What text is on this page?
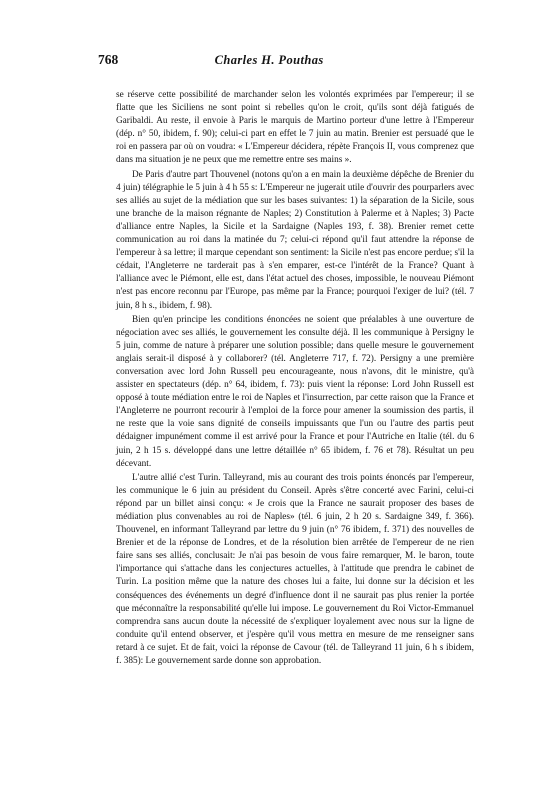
768	Charles H. Pouthas

se réserve cette possibilité de marchander selon les volontés exprimées par l'empereur; il se flatte que les Siciliens ne sont point si rebelles qu'on le croit, qu'ils sont déjà fatigués de Garibaldi. Au reste, il envoie à Paris le marquis de Martino porteur d'une lettre à l'Empereur (dép. n° 50, ibidem, f. 90); celui-ci part en effet le 7 juin au matin. Brenier est persuadé que le roi en passera par où on voudra: « L'Empereur décidera, répète François II, vous comprenez que dans ma situation je ne peux que me remettre entre ses mains ».

De Paris d'autre part Thouvenel (notons qu'on a en main la deuxième dépêche de Brenier du 4 juin) télégraphie le 5 juin à 4 h 55 s: L'Empereur ne jugerait utile d'ouvrir des pourparlers avec ses alliés au sujet de la médiation que sur les bases suivantes: 1) la séparation de la Sicile, sous une branche de la maison régnante de Naples; 2) Constitution à Palerme et à Naples; 3) Pacte d'alliance entre Naples, la Sicile et la Sardaigne (Naples 193, f. 38). Brenier remet cette communication au roi dans la matinée du 7; celui-ci répond qu'il faut attendre la réponse de l'empereur à sa lettre; il marque cependant son sentiment: la Sicile n'est pas encore perdue; s'il la cédait, l'Angleterre ne tarderait pas à s'en emparer, est-ce l'intérêt de la France? Quant à l'alliance avec le Piémont, elle est, dans l'état actuel des choses, impossible, le nouveau Piémont n'est pas encore reconnu par l'Europe, pas même par la France; pourquoi l'exiger de lui? (tél. 7 juin, 8 h s., ibidem, f. 98).

Bien qu'en principe les conditions énoncées ne soient que préalables à une ouverture de négociation avec ses alliés, le gouvernement les consulte déjà. Il les communique à Persigny le 5 juin, comme de nature à préparer une solution possible; dans quelle mesure le gouvernement anglais serait-il disposé à y collaborer? (tél. Angleterre 717, f. 72). Persigny a une première conversation avec lord John Russell peu encourageante, nous n'avons, dit le ministre, qu'à assister en spectateurs (dép. n° 64, ibidem, f. 73): puis vient la réponse: Lord John Russell est opposé à toute médiation entre le roi de Naples et l'insurrection, par cette raison que la France et l'Angleterre ne pourront recourir à l'emploi de la force pour amener la soumission des partis, il ne reste que la voie sans dignité de conseils impuissants que l'un ou l'autre des partis peut dédaigner impunément comme il est arrivé pour la France et pour l'Autriche en Italie (tél. du 6 juin, 2 h 15 s. développé dans une lettre détaillée n° 65 ibidem, f. 76 et 78). Résultat un peu décevant.

L'autre allié c'est Turin. Talleyrand, mis au courant des trois points énoncés par l'empereur, les communique le 6 juin au président du Conseil. Après s'être concerté avec Farini, celui-ci répond par un billet ainsi conçu: « Je crois que la France ne saurait proposer des bases de médiation plus convenables au roi de Naples» (tél. 6 juin, 2 h 20 s. Sardaigne 349, f. 366). Thouvenel, en informant Talleyrand par lettre du 9 juin (n° 76 ibidem, f. 371) des nouvelles de Brenier et de la réponse de Londres, et de la résolution bien arrêtée de l'empereur de ne rien faire sans ses alliés, conclusait: Je n'ai pas besoin de vous faire remarquer, M. le baron, toute l'importance qui s'attache dans les conjectures actuelles, à l'attitude que prendra le cabinet de Turin. La position même que la nature des choses lui a faite, lui donne sur la décision et les conséquences des événements un degré d'influence dont il ne saurait pas plus renier la portée que méconnaître la responsabilité qu'elle lui impose. Le gouvernement du Roi Victor-Emmanuel comprendra sans aucun doute la nécessité de s'expliquer loyalement avec nous sur la ligne de conduite qu'il entend observer, et j'espère qu'il vous mettra en mesure de me renseigner sans retard à ce sujet. Et de fait, voici la réponse de Cavour (tél. de Talleyrand 11 juin, 6 h s ibidem, f. 385): Le gouvernement sarde donne son approbation.
